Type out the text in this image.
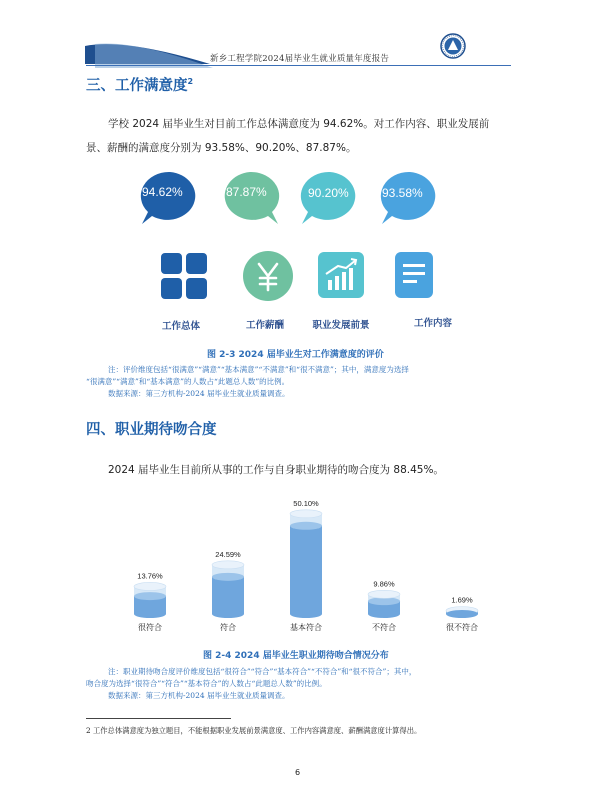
新乡工程学院2024届毕业生就业质量年度报告
三、工作满意度$^2$
学校 2024 届毕业生对目前工作总体满意度为 94.62%。对工作内容、职业发展前
景、薪酬的满意度分别为 93.58%、90.20%、87.87%。
94.62%	87.87%	90.20%	93.58%
工作总体	工作薪酬	职业发展前景	工作内容
图 2-3 2024 届毕业生对工作满意度的评价
注：评价维度包括“很满意”“满意”“基本满意”“不满意”和“很不满意”；其中，满意度为选择
“很满意”“满意”和“基本满意”的人数占“此题总人数”的比例。
数据来源：第三方机构-2024 届毕业生就业质量调查。
四、职业期待吻合度
2024 届毕业生目前所从事的工作与自身职业期待的吻合度为 88.45%。
13.76%
很符合
24.59%
符合
50.10%
基本符合
9.86%
不符合
1.69%
很不符合
图 2-4 2024 届毕业生职业期待吻合情况分布
注：职业期待吻合度评价维度包括“很符合”“符合”“基本符合”“不符合”和“很不符合”；其中，
吻合度为选择“很符合”“符合”“基本符合”的人数占“此题总人数”的比例。
数据来源：第三方机构-2024 届毕业生就业质量调查。
2 工作总体满意度为独立题目，不能根据职业发展前景满意度、工作内容满意度、薪酬满意度计算得出。
6
